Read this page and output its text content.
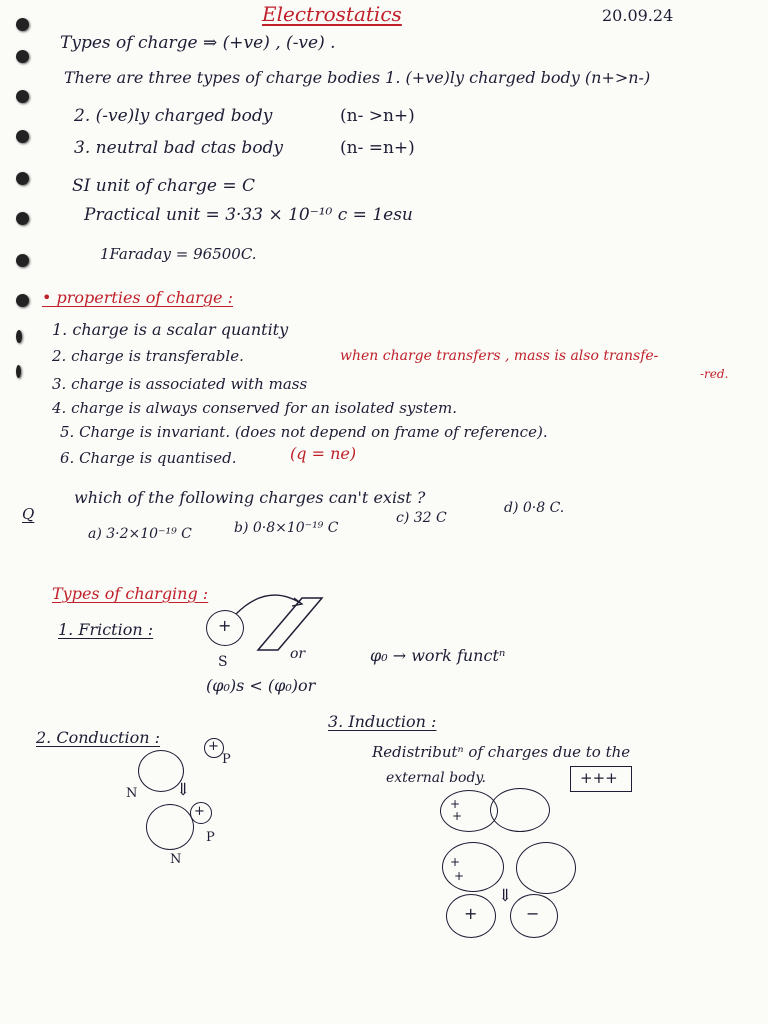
Electrostatics	20.09.24
Types of charge ⇒ (+ve) , (-ve) .
There are three types of charge bodies 1. (+ve)ly charged body (n+>n-)
2. (-ve)ly charged body	(n- >n+)
3. neutral bad ctas body	(n- =n+)
SI unit of charge = C
Practical unit = 3·33 × 10⁻¹⁰ c = 1esu
1Faraday = 96500C.
• properties of charge :
1. charge is a scalar quantity
2. charge is transferable.
3. charge is associated with mass
when charge transfers , mass is also transfe-
-red.
4. charge is always conserved for an isolated system.
5. Charge is invariant. (does not depend on frame of reference).
6. Charge is quantised.	(q = ne)
Q
which of the following charges can't exist ?
a) 3·2×10⁻¹⁹ C	b) 0·8×10⁻¹⁹ C
c) 32 C
d) 0·8 C.
Types of charging :
1. Friction :	+
S	or
(φ₀)s < (φ₀)or
φ₀ → work functⁿ
2. Conduction :	+
P
N ⇓
+
P
N
3. Induction :
Redistributⁿ of charges due to the
external body.	+++
+
+
+
+
⇓
+	−
